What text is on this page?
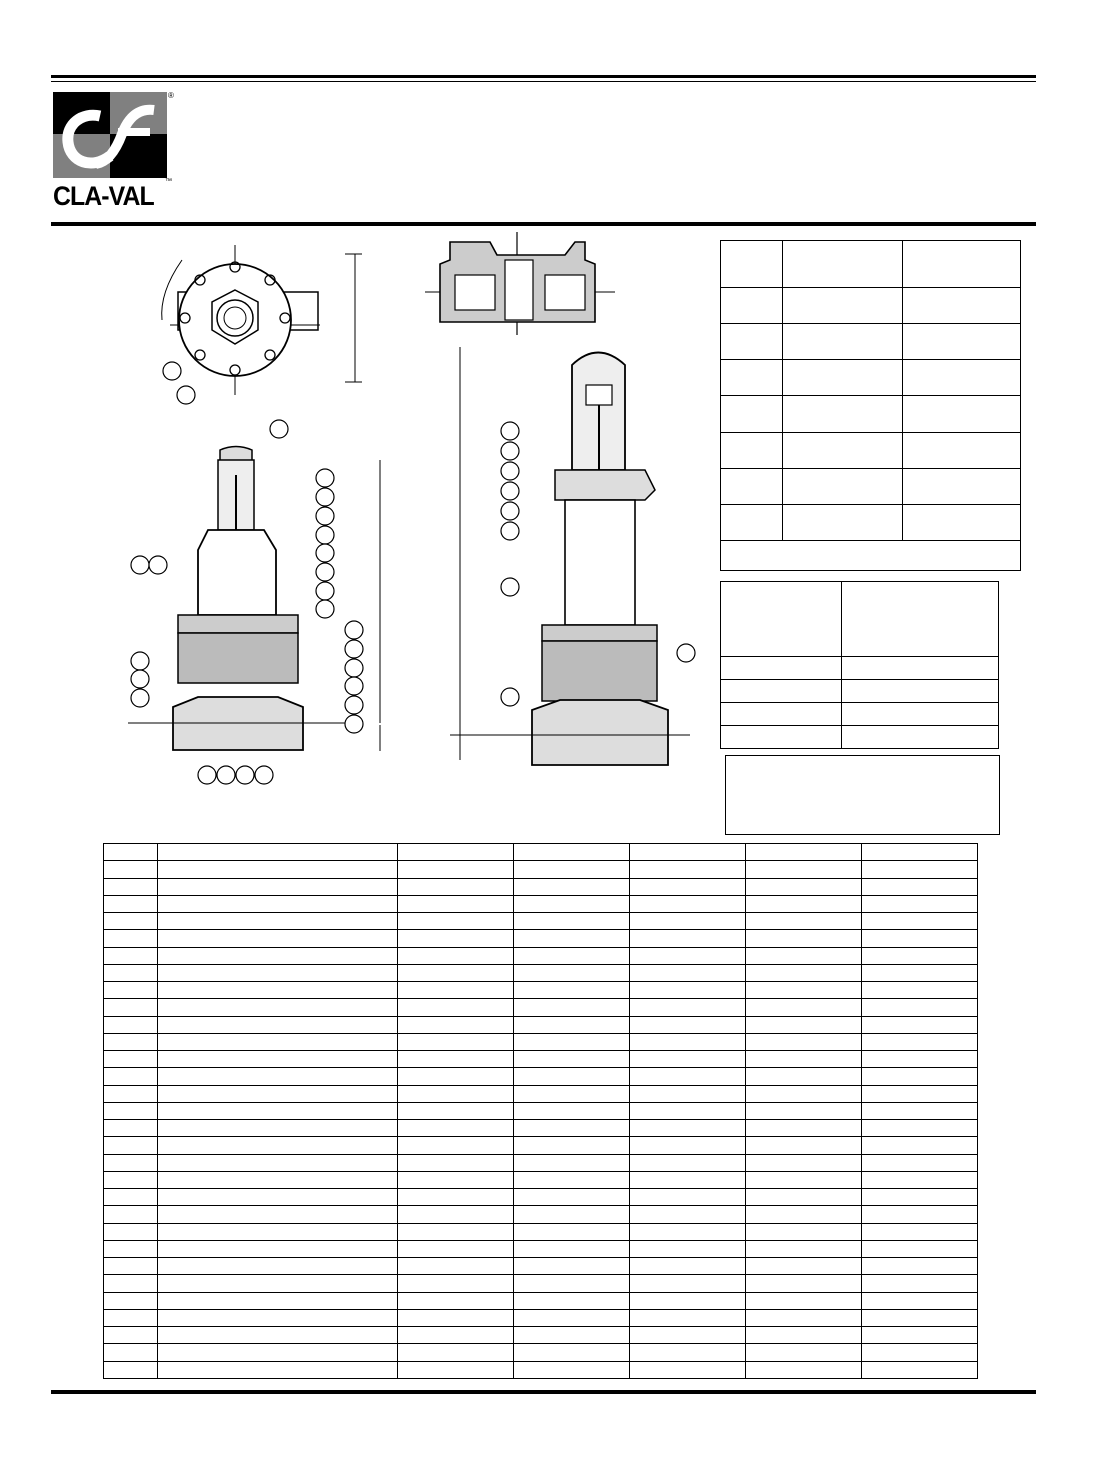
®
CLA-VAL	™
